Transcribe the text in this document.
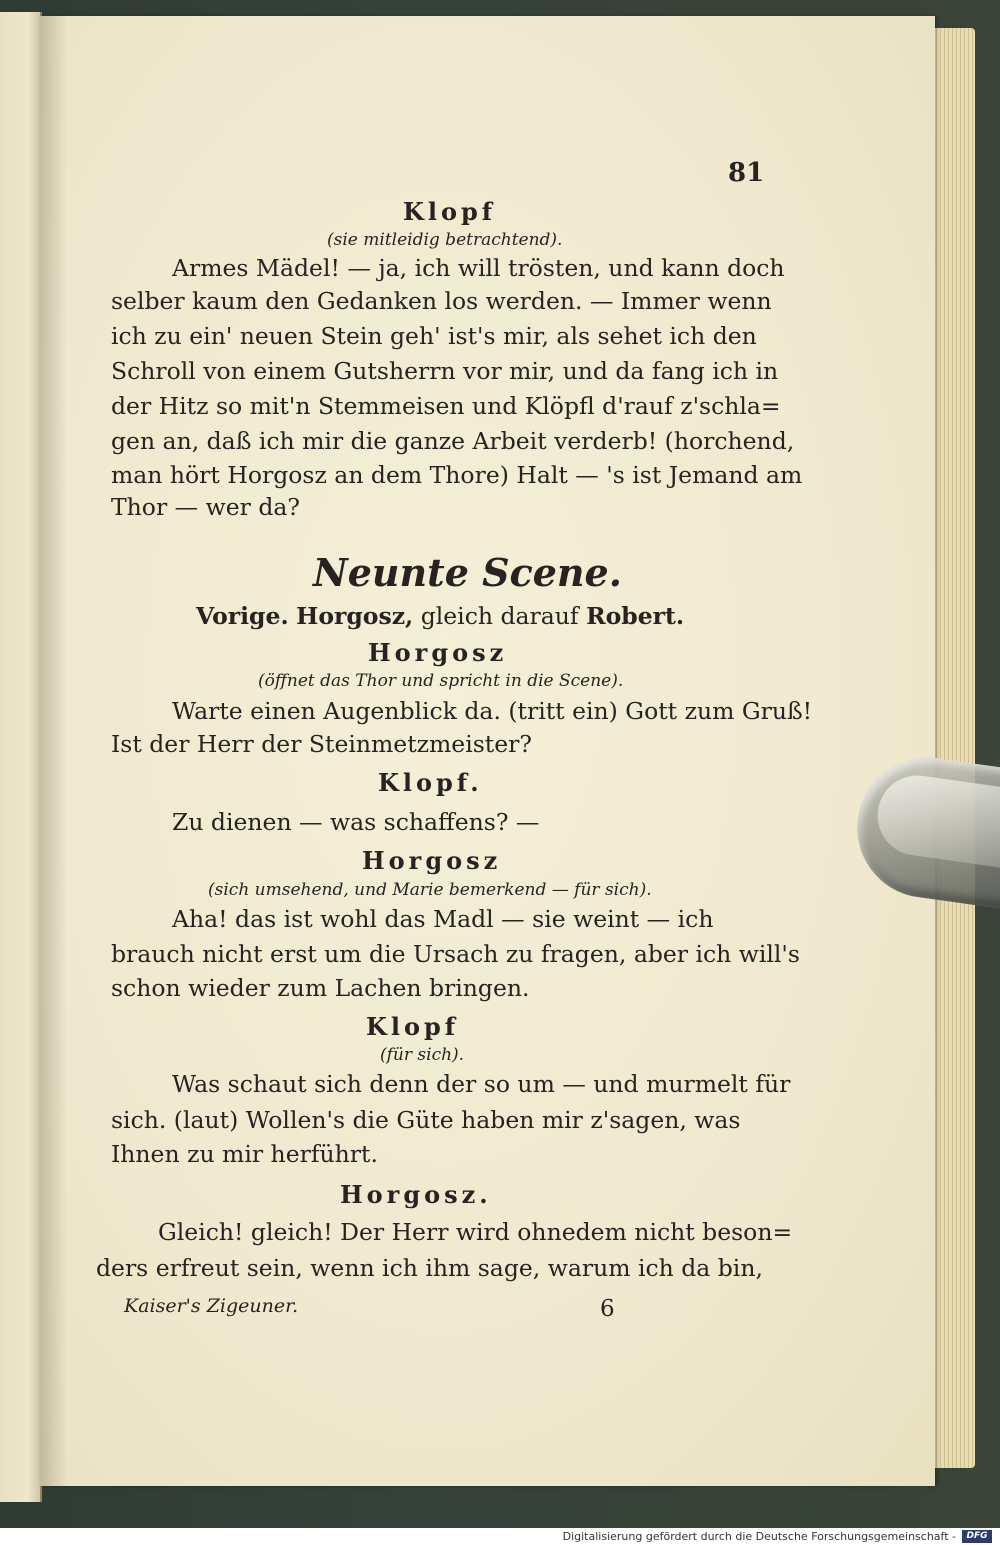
81
Klopf
(sie mitleidig betrachtend).
Armes Mädel! — ja, ich will trösten, und kann doch
selber kaum den Gedanken los werden. — Immer wenn
ich zu ein' neuen Stein geh' ist's mir, als sehet ich den
Schroll von einem Gutsherrn vor mir, und da fang ich in
der Hitz so mit'n Stemmeisen und Klöpfl d'rauf z'schla=
gen an, daß ich mir die ganze Arbeit verderb! (horchend,
man hört Horgosz an dem Thore) Halt — 's ist Jemand am
Thor — wer da?
Neunte Scene.
Vorige. Horgosz, gleich darauf Robert.
Horgosz
(öffnet das Thor und spricht in die Scene).
Warte einen Augenblick da. (tritt ein) Gott zum Gruß!
Ist der Herr der Steinmetzmeister?
Klopf.
Zu dienen — was schaffens? —
Horgosz
(sich umsehend, und Marie bemerkend — für sich).
Aha! das ist wohl das Madl — sie weint — ich
brauch nicht erst um die Ursach zu fragen, aber ich will's
schon wieder zum Lachen bringen.
Klopf
(für sich).
Was schaut sich denn der so um — und murmelt für
sich. (laut) Wollen's die Güte haben mir z'sagen, was
Ihnen zu mir herführt.
Horgosz.
Gleich! gleich! Der Herr wird ohnedem nicht beson=
ders erfreut sein, wenn ich ihm sage, warum ich da bin,
Kaiser's Zigeuner.	6
Digitalisierung gefördert durch die Deutsche Forschungsgemeinschaft -	DFG
